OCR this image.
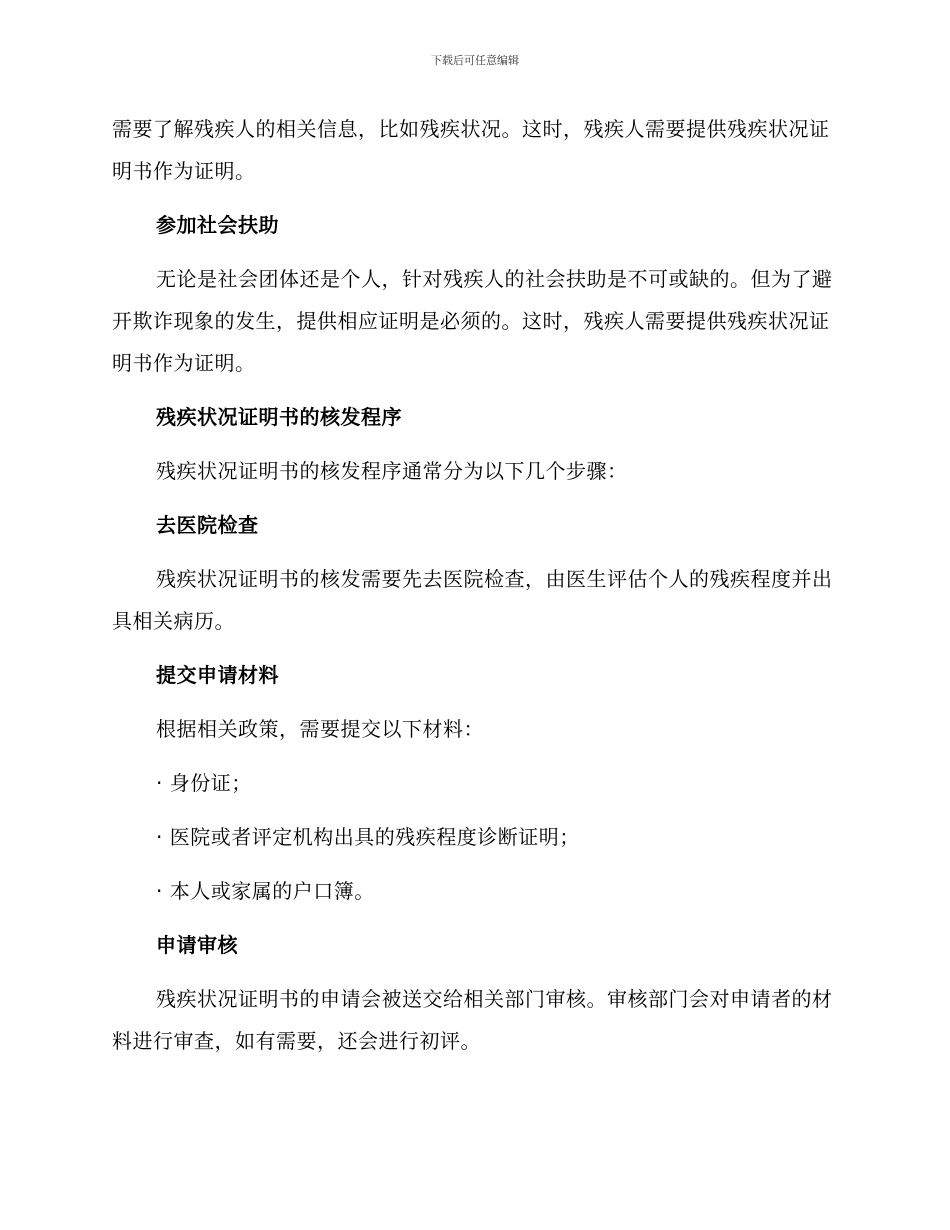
下载后可任意编辑

需要了解残疾人的相关信息，比如残疾状况。这时，残疾人需要提供残疾状况证明书作为证明。

参加社会扶助

无论是社会团体还是个人，针对残疾人的社会扶助是不可或缺的。但为了避开欺诈现象的发生，提供相应证明是必须的。这时，残疾人需要提供残疾状况证明书作为证明。

残疾状况证明书的核发程序

残疾状况证明书的核发程序通常分为以下几个步骤：

去医院检查

残疾状况证明书的核发需要先去医院检查，由医生评估个人的残疾程度并出具相关病历。

提交申请材料

根据相关政策，需要提交以下材料：

· 身份证；
· 医院或者评定机构出具的残疾程度诊断证明；
· 本人或家属的户口簿。
申请审核

残疾状况证明书的申请会被送交给相关部门审核。审核部门会对申请者的材料进行审查，如有需要，还会进行初评。
